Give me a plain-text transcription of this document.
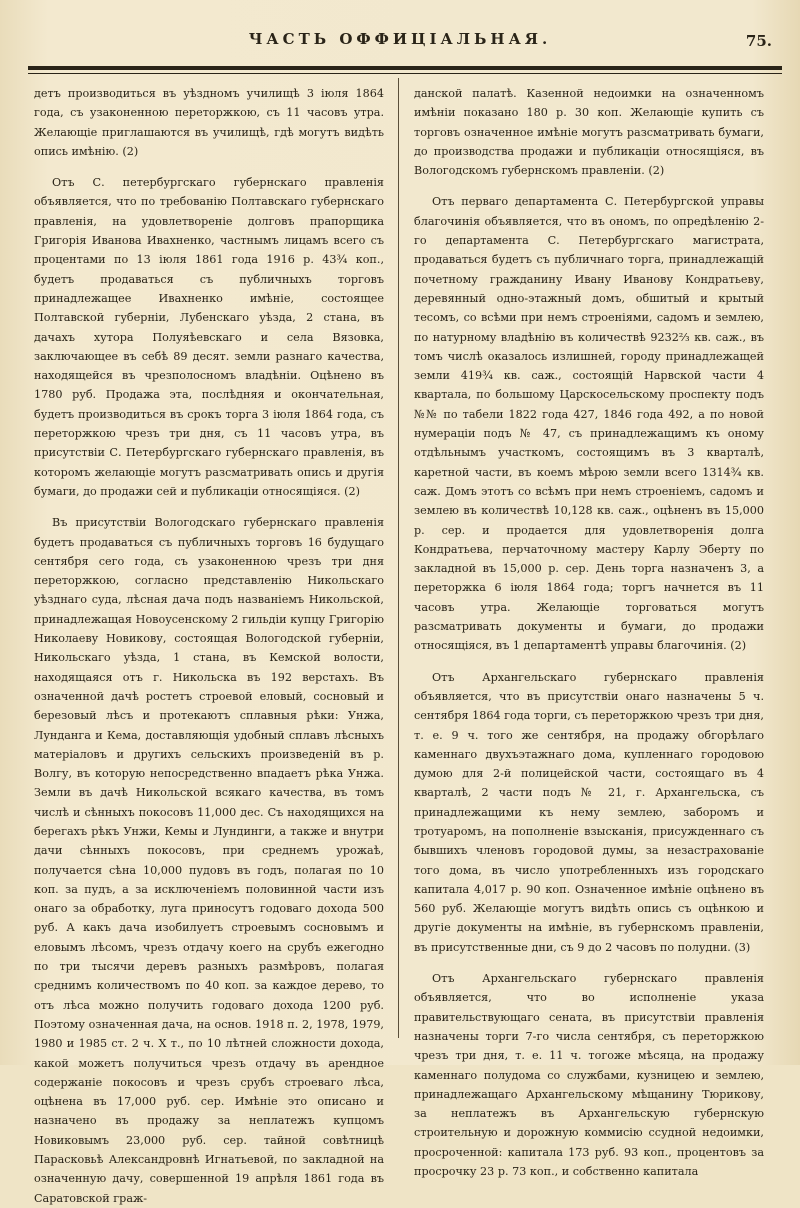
ЧАСТЬ ОФФИЦІАЛЬНАЯ.	75.

детъ производиться въ уѣздномъ училищѣ 3 іюля 1864 года, съ узаконенною переторжкою, съ 11 часовъ утра. Желающіе приглашаются въ училищѣ, гдѣ могутъ видѣть опись имѣнію. (2)

Отъ С. петербургскаго губернскаго правленія объявляется, что по требованію Полтавскаго губернскаго правленія, на удовлетвореніе долговъ прапорщика Григорія Иванова Ивахненко, частнымъ лицамъ всего съ процентами по 13 іюля 1861 года 1916 р. 43¾ коп., будетъ продаваться съ публичныхъ торговъ принадлежащее Ивахненко имѣніе, состоящее Полтавской губерніи, Лубенскаго уѣзда, 2 стана, въ дачахъ хутора Полуяѣевскаго и села Вязовка, заключающее въ себѣ 89 десят. земли разнаго качества, находящейся въ чрезполосномъ владѣніи. Оцѣнено въ 1780 руб. Продажа эта, послѣдняя и окончательная, будетъ производиться въ срокъ торга 3 іюля 1864 года, съ переторжкою чрезъ три дня, съ 11 часовъ утра, въ присутствіи С. Петербургскаго губернскаго правленія, въ которомъ желающіе могутъ разсматривать опись и другія бумаги, до продажи сей и публикаціи относящіяся. (2)

Въ присутствіи Вологодскаго губернскаго правленія будетъ продаваться съ публичныхъ торговъ 16 будущаго сентября сего года, съ узаконенною чрезъ три дня переторжкою, согласно представленію Никольскаго уѣзднаго суда, лѣсная дача подъ названіемъ Никольской, принадлежащая Новоусенскому 2 гильдіи купцу Григорію Николаеву Новикову, состоящая Вологодской губерніи, Никольскаго уѣзда, 1 стана, въ Кемской волости, находящаяся отъ г. Никольска въ 192 верстахъ. Въ означенной дачѣ ростетъ строевой еловый, сосновый и березовый лѣсъ и протекаютъ сплавныя рѣки: Унжа, Лунданга и Кема, доставляющія удобный сплавъ лѣсныхъ матеріаловъ и другихъ сельскихъ произведеній въ р. Волгу, въ которую непосредственно впадаетъ рѣка Унжа. Земли въ дачѣ Никольской всякаго качества, въ томъ числѣ и сѣнныхъ покосовъ 11,000 дес. Съ находящихся на берегахъ рѣкъ Унжи, Кемы и Лундинги, а также и внутри дачи сѣнныхъ покосовъ, при среднемъ урожаѣ, получается сѣна 10,000 пудовъ въ годъ, полагая по 10 коп. за пудъ, а за исключеніемъ половинной части изъ онаго за обработку, луга приносутъ годоваго дохода 500 руб. А какъ дача изобилуетъ строевымъ сосновымъ и еловымъ лѣсомъ, чрезъ отдачу коего на срубъ ежегодно по три тысячи деревъ разныхъ размѣровъ, полагая среднимъ количествомъ по 40 коп. за каждое дерево, то отъ лѣса можно получить годоваго дохода 1200 руб. Поэтому означенная дача, на основ. 1918 п. 2, 1978, 1979, 1980 и 1985 ст. 2 ч. X т., по 10 лѣтней сложности дохода, какой можетъ получиться чрезъ отдачу въ арендное содержаніе покосовъ и чрезъ срубъ строеваго лѣса, оцѣнена въ 17,000 руб. сер. Имѣніе это описано и назначено въ продажу за неплатежъ купцомъ Новиковымъ 23,000 руб. сер. тайной совѣтницѣ Парасковьѣ Александровнѣ Игнатьевой, по закладной на означенную дачу, совершенной 19 апрѣля 1861 года въ Саратовской граж-

данской палатѣ. Казенной недоимки на означенномъ имѣніи показано 180 р. 30 коп. Желающіе купить съ торговъ означенное имѣніе могутъ разсматривать бумаги, до производства продажи и публикаціи относящіяся, въ Вологодскомъ губернскомъ правленіи. (2)

Отъ перваго департамента С. Петербургской управы благочинія объявляется, что въ ономъ, по опредѣленію 2-го департамента С. Петербургскаго магистрата, продаваться будетъ съ публичнаго торга, принадлежащій почетному гражданину Ивану Иванову Кондратьеву, деревянный одно-этажный домъ, обшитый и крытый тесомъ, со всѣми при немъ строеніями, садомъ и землею, по натурному владѣнію въ количествѣ 9232⅔ кв. саж., въ томъ числѣ оказалось излишней, городу принадлежащей земли 419¾ кв. саж., состоящій Нарвской части 4 квартала, по большому Царскосельскому проспекту подъ №№ по табели 1822 года 427, 1846 года 492, а по новой нумераціи подъ № 47, съ принадлежащимъ къ оному отдѣльнымъ участкомъ, состоящимъ въ 3 кварталѣ, каретной части, въ коемъ мѣрою земли всего 1314¾ кв. саж. Домъ этотъ со всѣмъ при немъ строеніемъ, садомъ и землею въ количествѣ 10,128 кв. саж., оцѣненъ въ 15,000 р. сер. и продается для удовлетворенія долга Кондратьева, перчаточному мастеру Карлу Эберту по закладной въ 15,000 р. сер. День торга назначенъ 3, а переторжка 6 іюля 1864 года; торгъ начнется въ 11 часовъ утра. Желающіе торговаться могутъ разсматривать документы и бумаги, до продажи относящіяся, въ 1 департаментѣ управы благочинія. (2)

Отъ Архангельскаго губернскаго правленія объявляется, что въ присутствіи онаго назначены 5 ч. сентября 1864 года торги, съ переторжкою чрезъ три дня, т. е. 9 ч. того же сентября, на продажу обгорѣлаго каменнаго двухъэтажнаго дома, купленнаго городовою думою для 2-й полицейской части, состоящаго въ 4 кварталѣ, 2 части подъ № 21, г. Архангельска, съ принадлежащими къ нему землею, заборомъ и тротуаромъ, на пополненіе взысканія, присужденнаго съ бывшихъ членовъ городовой думы, за незастрахованіе того дома, въ число употребленныхъ изъ городскаго капитала 4,017 р. 90 коп. Означенное имѣніе оцѣнено въ 560 руб. Желающіе могутъ видѣть опись съ оцѣнкою и другіе документы на имѣніе, въ губернскомъ правленіи, въ присутственные дни, съ 9 до 2 часовъ по полудни. (3)

Отъ Архангельскаго губернскаго правленія объявляется, что во исполненіе указа правительствующаго сената, въ присутствіи правленія назначены торги 7-го числа сентября, съ переторжкою чрезъ три дня, т. е. 11 ч. тогоже мѣсяца, на продажу каменнаго полудома со службами, кузницею и землею, принадлежащаго Архангельскому мѣщанину Тюрикову, за неплатежъ въ Архангельскую губернскую строительную и дорожную коммисію ссудной недоимки, просроченной: капитала 173 руб. 93 коп., процентовъ за просрочку 23 р. 73 коп., и собственно капитала
